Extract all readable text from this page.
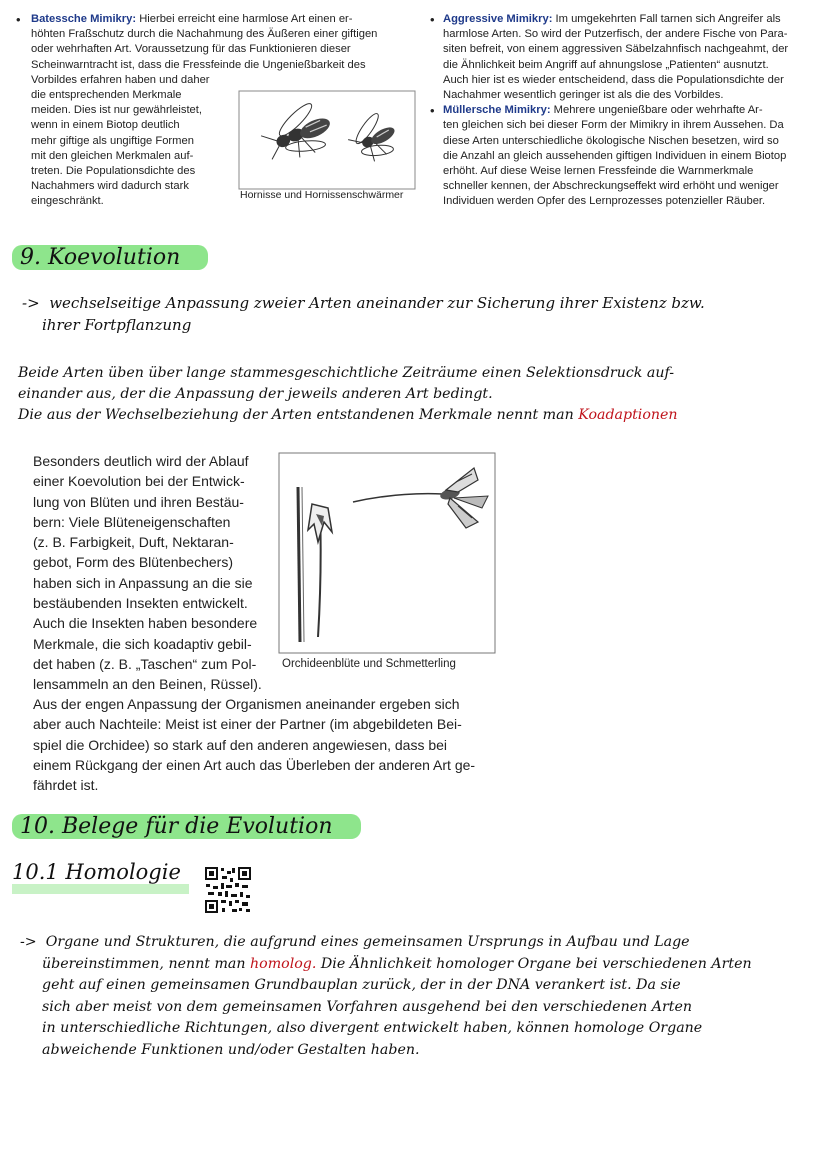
• Batessche Mimikry: Hierbei erreicht eine harmlose Art einen er-
höhten Fraßschutz durch die Nachahmung des Äußeren einer giftigen
oder wehrhaften Art. Voraussetzung für das Funktionieren dieser
Scheinwarntracht ist, dass die Fressfeinde die Ungenießbarkeit des
Vorbildes erfahren haben und daher
die entsprechenden Merkmale
meiden. Dies ist nur gewährleistet,
wenn in einem Biotop deutlich
mehr giftige als ungiftige Formen
mit den gleichen Merkmalen auf-
treten. Die Populationsdichte des
Nachahmers wird dadurch stark
eingeschränkt.
Hornisse und Hornissenschwärmer
•
•
Aggressive Mimikry: Im umgekehrten Fall tarnen sich Angreifer als
harmlose Arten. So wird der Putzerfisch, der andere Fische von Para-
siten befreit, von einem aggressiven Säbelzahnfisch nachgeahmt, der
die Ähnlichkeit beim Angriff auf ahnungslose „Patienten“ ausnutzt.
Auch hier ist es wieder entscheidend, dass die Populationsdichte der
Nachahmer wesentlich geringer ist als die des Vorbildes.
Müllersche Mimikry: Mehrere ungenießbare oder wehrhafte Ar-
ten gleichen sich bei dieser Form der Mimikry in ihrem Aussehen. Da
diese Arten unterschiedliche ökologische Nischen besetzen, wird so
die Anzahl an gleich aussehenden giftigen Individuen in einem Biotop
erhöht. Auf diese Weise lernen Fressfeinde die Warnmerkmale
schneller kennen, der Abschreckungseffekt wird erhöht und weniger
Individuen werden Opfer des Lernprozesses potenzieller Räuber.
9. Koevolution
-> wechselseitige Anpassung zweier Arten aneinander zur Sicherung ihrer Existenz bzw.
ihrer Fortpflanzung
Beide Arten üben über lange stammesgeschichtliche Zeiträume einen Selektionsdruck auf-
einander aus, der die Anpassung der jeweils anderen Art bedingt.
Die aus der Wechselbeziehung der Arten entstandenen Merkmale nennt man Koadaptionen
Besonders deutlich wird der Ablauf
einer Koevolution bei der Entwick-
lung von Blüten und ihren Bestäu-
bern: Viele Blüteneigenschaften
(z. B. Farbigkeit, Duft, Nektaran-
gebot, Form des Blütenbechers)
haben sich in Anpassung an die sie
bestäubenden Insekten entwickelt.
Auch die Insekten haben besondere
Merkmale, die sich koadaptiv gebil-
det haben (z. B. „Taschen“ zum Pol-
lensammeln an den Beinen, Rüssel).
Orchideenblüte und Schmetterling
Aus der engen Anpassung der Organismen aneinander ergeben sich
aber auch Nachteile: Meist ist einer der Partner (im abgebildeten Bei-
spiel die Orchidee) so stark auf den anderen angewiesen, dass bei
einem Rückgang der einen Art auch das Überleben der anderen Art ge-
fährdet ist.
10. Belege für die Evolution
10.1 Homologie
-> Organe und Strukturen, die aufgrund eines gemeinsamen Ursprungs in Aufbau und Lage
übereinstimmen, nennt man homolog. Die Ähnlichkeit homologer Organe bei verschiedenen Arten
geht auf einen gemeinsamen Grundbauplan zurück, der in der DNA verankert ist. Da sie
sich aber meist von dem gemeinsamen Vorfahren ausgehend bei den verschiedenen Arten
in unterschiedliche Richtungen, also divergent entwickelt haben, können homologe Organe
abweichende Funktionen und/oder Gestalten haben.
